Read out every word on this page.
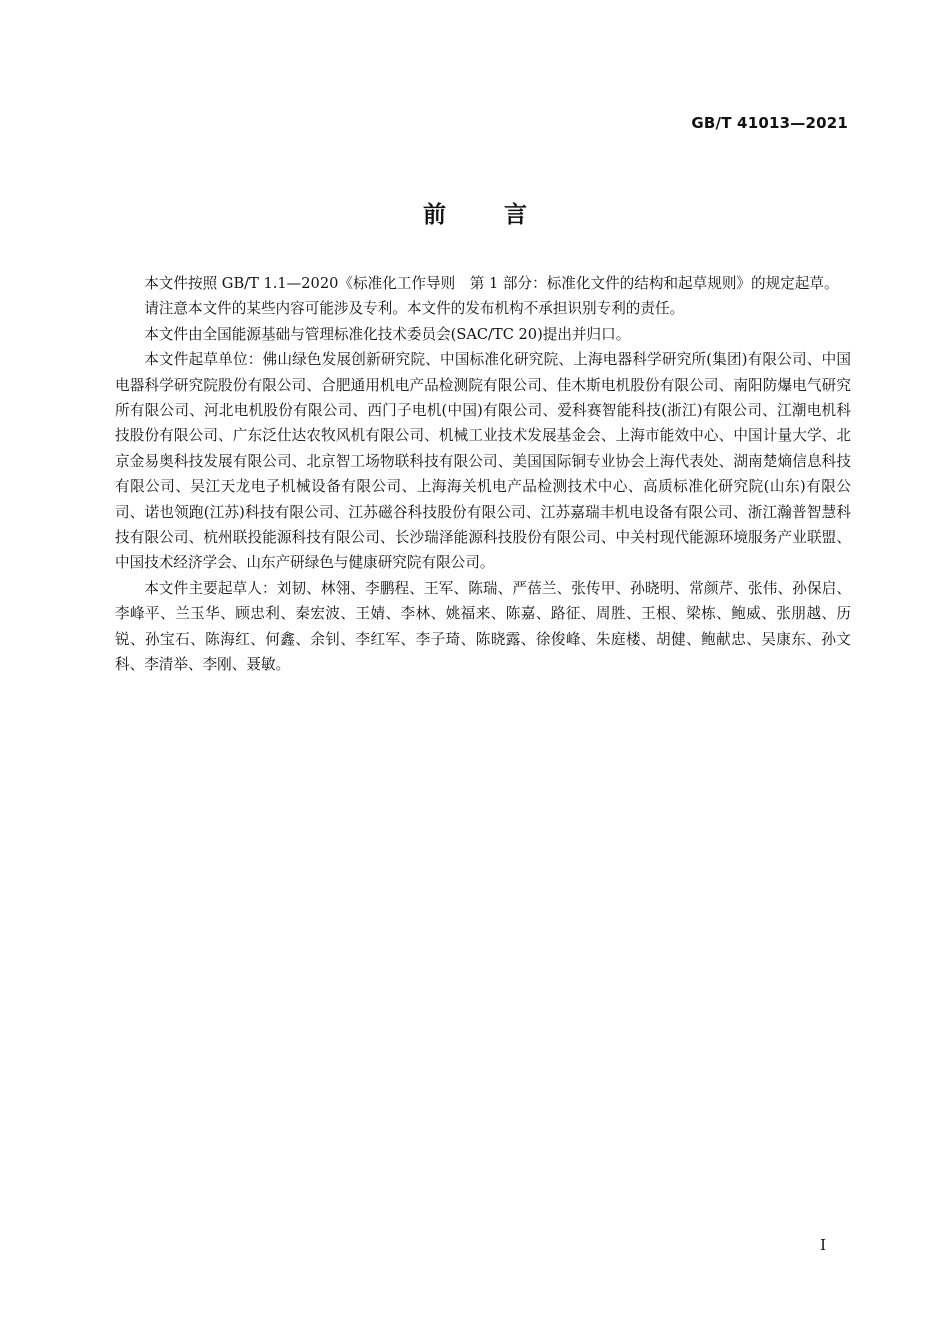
GB/T 41013—2021
前言

本文件按照 GB/T 1.1—2020《标准化工作导则　第 1 部分：标准化文件的结构和起草规则》的规定起草。

请注意本文件的某些内容可能涉及专利。本文件的发布机构不承担识别专利的责任。

本文件由全国能源基础与管理标准化技术委员会(SAC/TC 20)提出并归口。

本文件起草单位：佛山绿色发展创新研究院、中国标准化研究院、上海电器科学研究所(集团)有限公司、中国电器科学研究院股份有限公司、合肥通用机电产品检测院有限公司、佳木斯电机股份有限公司、南阳防爆电气研究所有限公司、河北电机股份有限公司、西门子电机(中国)有限公司、爱科赛智能科技(浙江)有限公司、江潮电机科技股份有限公司、广东泛仕达农牧风机有限公司、机械工业技术发展基金会、上海市能效中心、中国计量大学、北京金易奥科技发展有限公司、北京智工场物联科技有限公司、美国国际铜专业协会上海代表处、湖南楚熵信息科技有限公司、吴江天龙电子机械设备有限公司、上海海关机电产品检测技术中心、高质标准化研究院(山东)有限公司、诺也领跑(江苏)科技有限公司、江苏磁谷科技股份有限公司、江苏嘉瑞丰机电设备有限公司、浙江瀚普智慧科技有限公司、杭州联投能源科技有限公司、长沙瑞泽能源科技股份有限公司、中关村现代能源环境服务产业联盟、中国技术经济学会、山东产研绿色与健康研究院有限公司。

本文件主要起草人：刘韧、林翎、李鹏程、王军、陈瑞、严蓓兰、张传甲、孙晓明、常颜芹、张伟、孙保启、李峰平、兰玉华、顾忠利、秦宏波、王婧、李林、姚福来、陈嘉、路征、周胜、王根、梁栋、鲍威、张朋越、历锐、孙宝石、陈海红、何鑫、余钊、李红军、李子琦、陈晓露、徐俊峰、朱庭楼、胡健、鲍献忠、吴康东、孙文科、李清举、李刚、聂敏。

I
